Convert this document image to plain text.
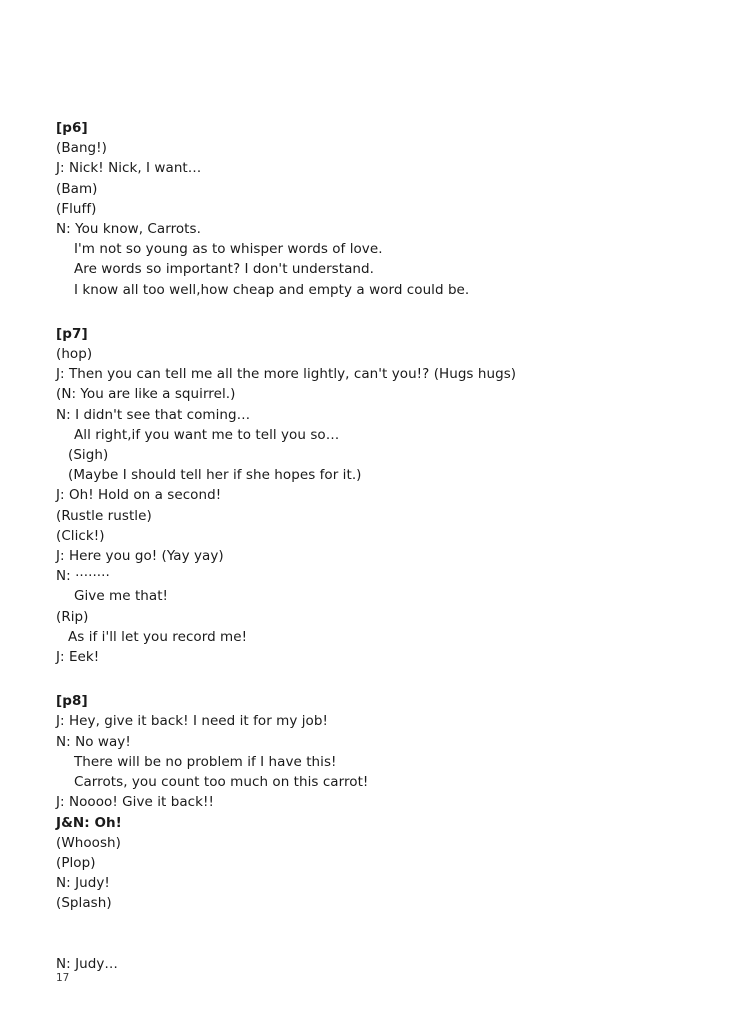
[p6]

(Bang!)

J: Nick! Nick, I want…

(Bam)

(Fluff)

N: You know, Carrots.

I'm not so young as to whisper words of love.

Are words so important? I don't understand.

I know all too well,how cheap and empty a word could be.

[p7]

(hop)

J: Then you can tell me all the more lightly, can't you!? (Hugs hugs)

(N: You are like a squirrel.)

N: I didn't see that coming…

All right,if you want me to tell you so…

(Sigh)

(Maybe I should tell her if she hopes for it.)

J: Oh! Hold on a second!

(Rustle rustle)

(Click!)

J: Here you go! (Yay yay)

N: ········

Give me that!

(Rip)

As if i'll let you record me!

J: Eek!

[p8]

J: Hey, give it back! I need it for my job!

N: No way!

There will be no problem if I have this!

Carrots, you count too much on this carrot!

J: Noooo! Give it back!!

J&N: Oh!

(Whoosh)

(Plop)

N: Judy!

(Splash)

N: Judy…

17
